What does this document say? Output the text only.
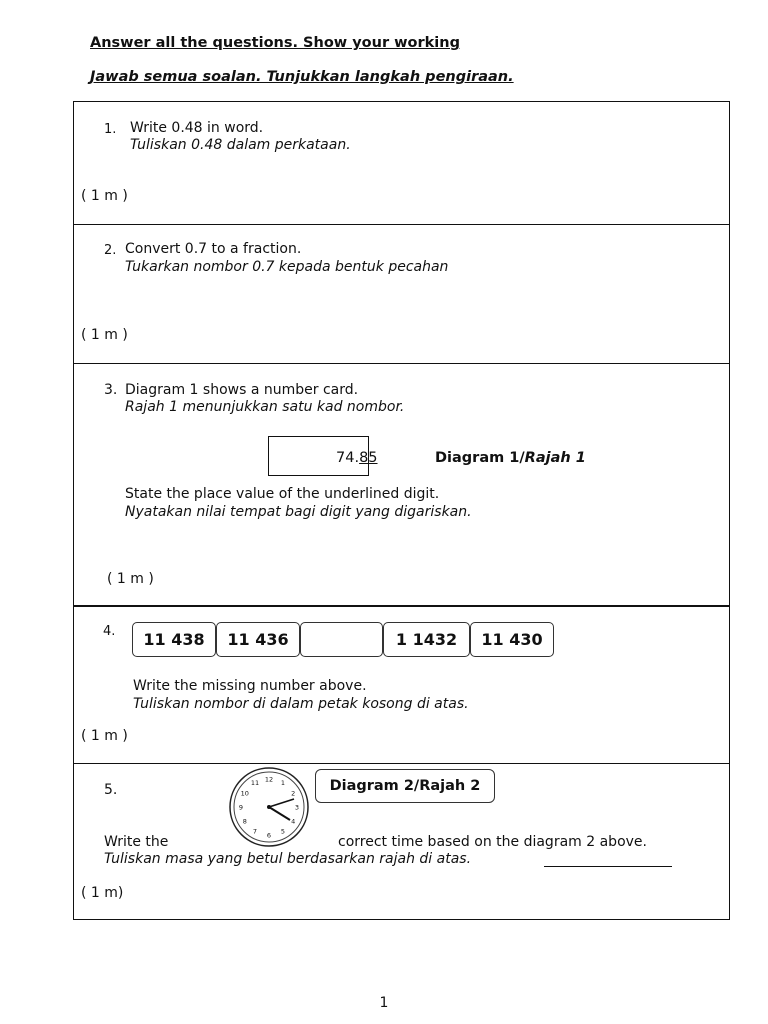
Answer all the questions. Show your working
Jawab semua soalan. Tunjukkan langkah pengiraan.
1. Write 0.48 in word.
Tuliskan 0.48 dalam perkataan.
( 1 m )
2. Convert 0.7 to a fraction.
Tukarkan nombor 0.7 kepada bentuk pecahan
( 1 m )
3. Diagram 1 shows a number card.
Rajah 1 menunjukkan satu kad nombor.
74.85	Diagram 1/Rajah 1
State the place value of the underlined digit.
Nyatakan nilai tempat bagi digit yang digariskan.
( 1 m )
4.	11 438	11 436	1 1432	11 430
Write the missing number above.
Tuliskan nombor di dalam petak kosong di atas.
( 1 m )
5.
12 1
2
3
4
5
6
7
8
9
10
11	Diagram 2/Rajah 2
Write the	correct time based on the diagram 2 above.
Tuliskan masa yang betul berdasarkan rajah di atas.
( 1 m)
1
